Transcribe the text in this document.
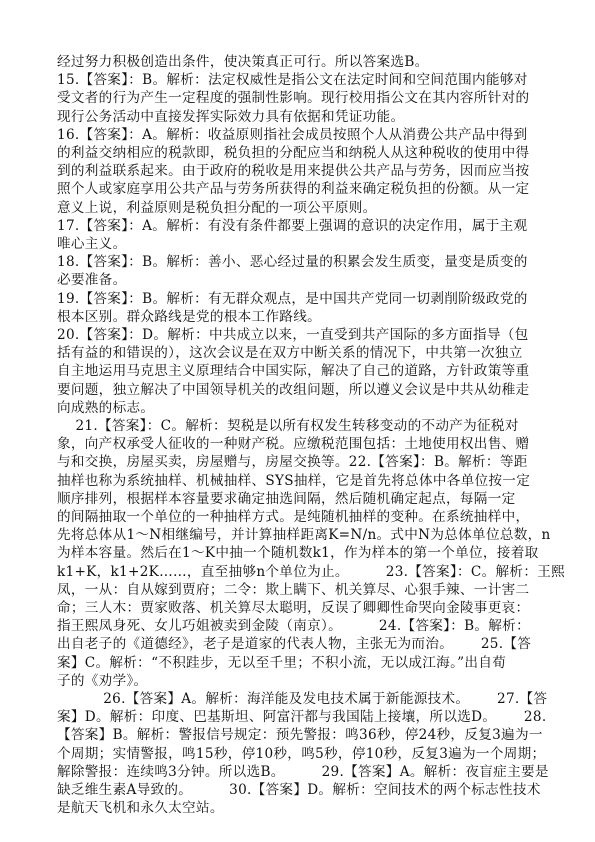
经过努力积极创造出条件，使决策真正可行。所以答案选B。
15.【答案】：B。解析：法定权威性是指公文在法定时间和空间范围内能够对
受文者的行为产生一定程度的强制性影响。现行校用指公文在其内容所针对的
现行公务活动中直接发挥实际效力具有依据和凭证功能。
16.【答案】：A。解析：收益原则指社会成员按照个人从消费公共产品中得到
的利益交纳相应的税款即，税负担的分配应当和纳税人从这种税收的使用中得
到的利益联系起来。由于政府的税收是用来提供公共产品与劳务，因而应当按
照个人或家庭享用公共产品与劳务所获得的利益来确定税负担的份额。从一定
意义上说，利益原则是税负担分配的一项公平原则。
17.【答案】：A。解析：有没有条件都要上强调的意识的决定作用，属于主观
唯心主义。
18.【答案】：B。解析：善小、恶心经过量的积累会发生质变，量变是质变的
必要准备。
19.【答案】：B。解析：有无群众观点，是中国共产党同一切剥削阶级政党的
根本区别。群众路线是党的根本工作路线。
20.【答案】：D。解析：中共成立以来，一直受到共产国际的多方面指导（包
括有益的和错误的），这次会议是在双方中断关系的情况下，中共第一次独立
自主地运用马克思主义原理结合中国实际，解决了自己的道路，方针政策等重
要问题，独立解决了中国领导机关的改组问题，所以遵义会议是中共从幼稚走
向成熟的标志。
21.【答案】：C。解析：契税是以所有权发生转移变动的不动产为征税对
象，向产权承受人征收的一种财产税。应缴税范围包括：土地使用权出售、赠
与和交换，房屋买卖，房屋赠与，房屋交换等。22.【答案】：B。解析：等距
抽样也称为系统抽样、机械抽样、SYS抽样，它是首先将总体中各单位按一定
顺序排列，根据样本容量要求确定抽选间隔，然后随机确定起点，每隔一定
的间隔抽取一个单位的一种抽样方式。是纯随机抽样的变种。在系统抽样中，
先将总体从1～N相继编号，并计算抽样距离K=N/n。式中N为总体单位总数，n
为样本容量。然后在1～K中抽一个随机数k1，作为样本的第一个单位，接着取
k1+K，k1+2K……，直至抽够n个单位为止。        23.【答案】：C。解析：王熙
凤，一从：自从嫁到贾府；二令：欺上瞒下、机关算尽、心狠手辣、一计害二
命；三人木：贾家败落、机关算尽太聪明，反误了卿卿性命哭向金陵事更哀：
指王熙凤身死、女儿巧姐被卖到金陵（南京）。        24.【答案】：B。解析：
出自老子的《道德经》，老子是道家的代表人物，主张无为而治。      25.【答
案】C。解析：“不积跬步，无以至千里；不积小流，无以成江海。”出自荀
子的《劝学》。
26.【答案】A。解析：海洋能及发电技术属于新能源技术。      27.【答
案】D。解析：印度、巴基斯坦、阿富汗都与我国陆上接壤，所以选D。      28.
【答案】B。解析：警报信号规定：预先警报：鸣36秒，停24秒，反复3遍为一
个周期；实情警报，鸣15秒，停10秒，鸣5秒，停10秒，反复3遍为一个周期；
解除警报：连续鸣3分钟。所以选B。        29.【答案】A。解析：夜盲症主要是
缺乏维生素A导致的。        30.【答案】D。解析：空间技术的两个标志性技术
是航天飞机和永久太空站。
